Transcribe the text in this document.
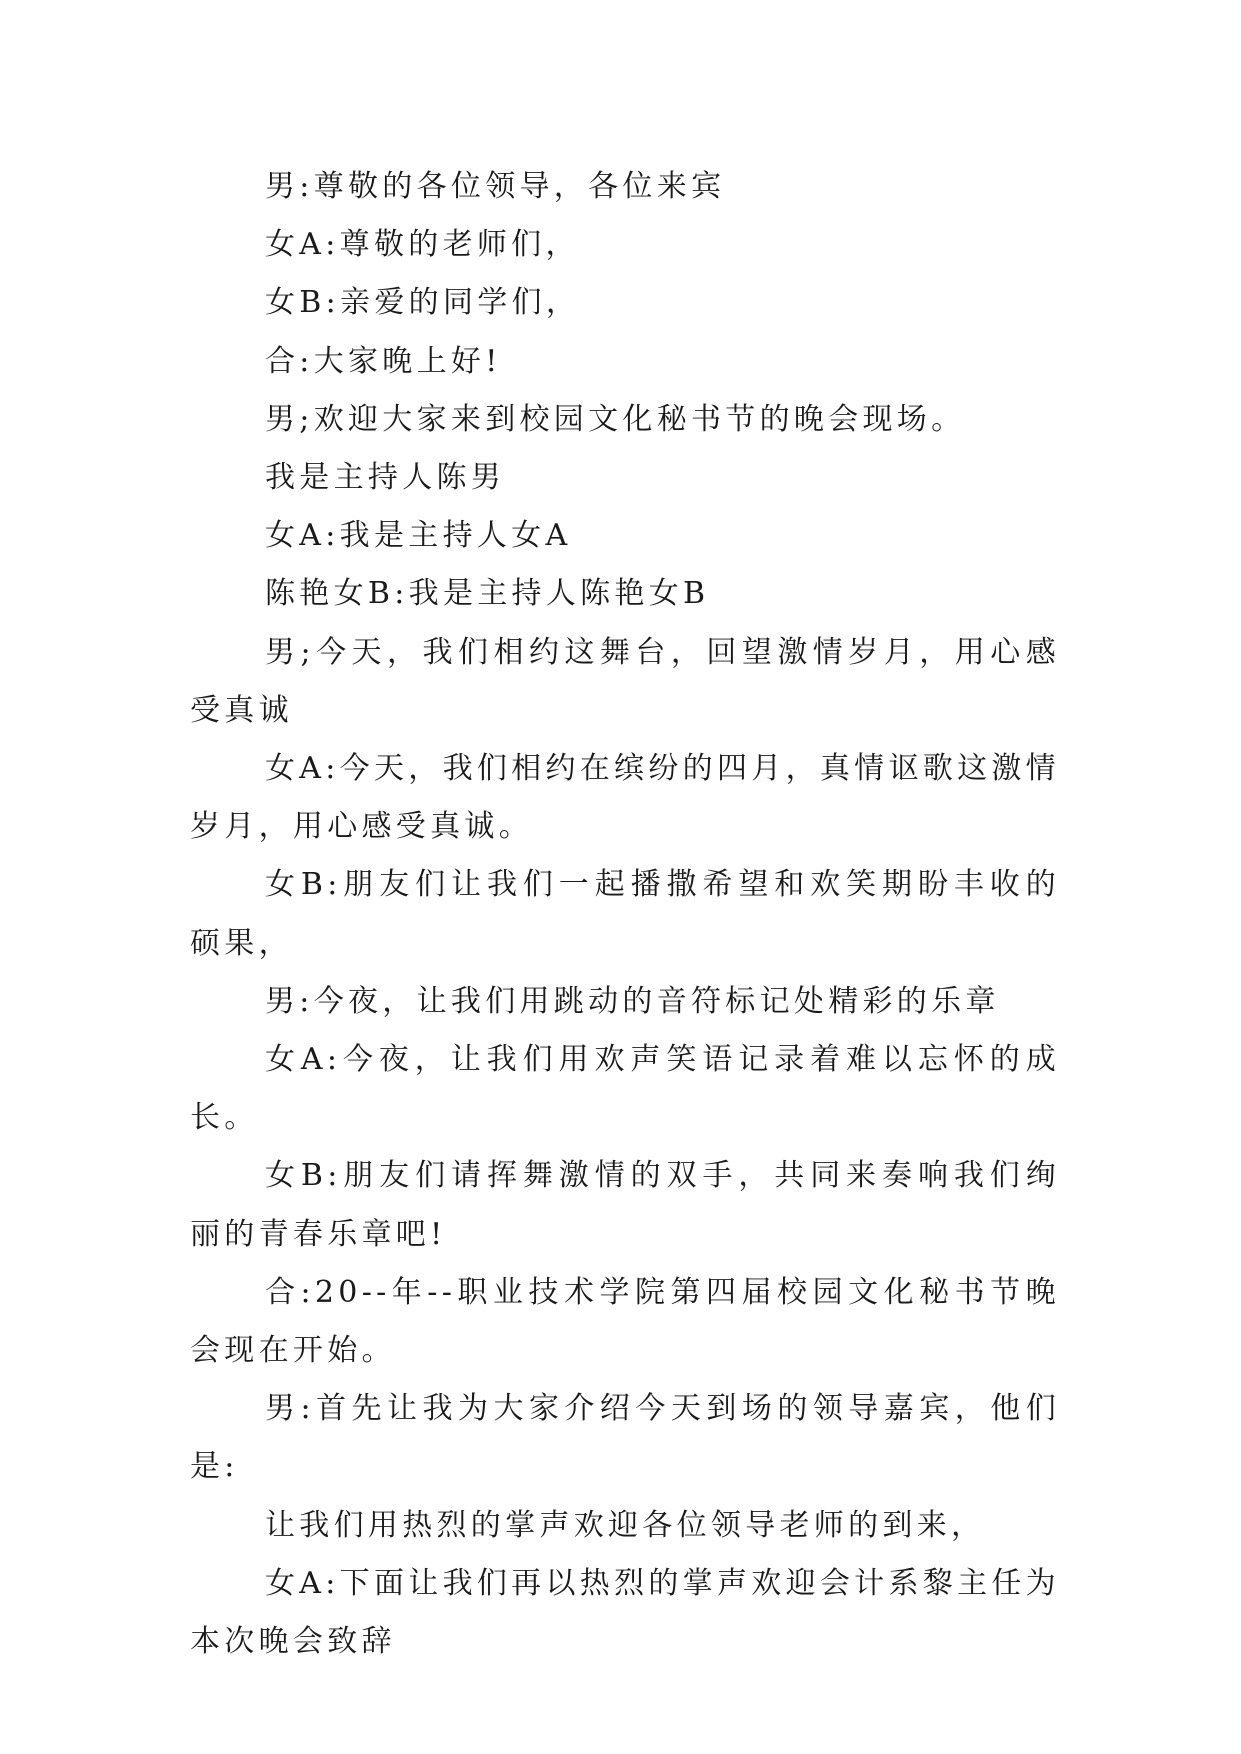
男:尊敬的各位领导，各位来宾

女A:尊敬的老师们，

女B:亲爱的同学们，

合:大家晚上好!

男;欢迎大家来到校园文化秘书节的晚会现场。

我是主持人陈男

女A:我是主持人女A

陈艳女B:我是主持人陈艳女B

男;今天，我们相约这舞台，回望激情岁月，用心感受真诚

女A:今天，我们相约在缤纷的四月，真情讴歌这激情岁月，用心感受真诚。

女B:朋友们让我们一起播撒希望和欢笑期盼丰收的硕果，

男:今夜，让我们用跳动的音符标记处精彩的乐章

女A:今夜，让我们用欢声笑语记录着难以忘怀的成长。

女B:朋友们请挥舞激情的双手，共同来奏响我们绚丽的青春乐章吧!

合:20--年--职业技术学院第四届校园文化秘书节晚会现在开始。

男:首先让我为大家介绍今天到场的领导嘉宾，他们是:

让我们用热烈的掌声欢迎各位领导老师的到来，

女A:下面让我们再以热烈的掌声欢迎会计系黎主任为本次晚会致辞
